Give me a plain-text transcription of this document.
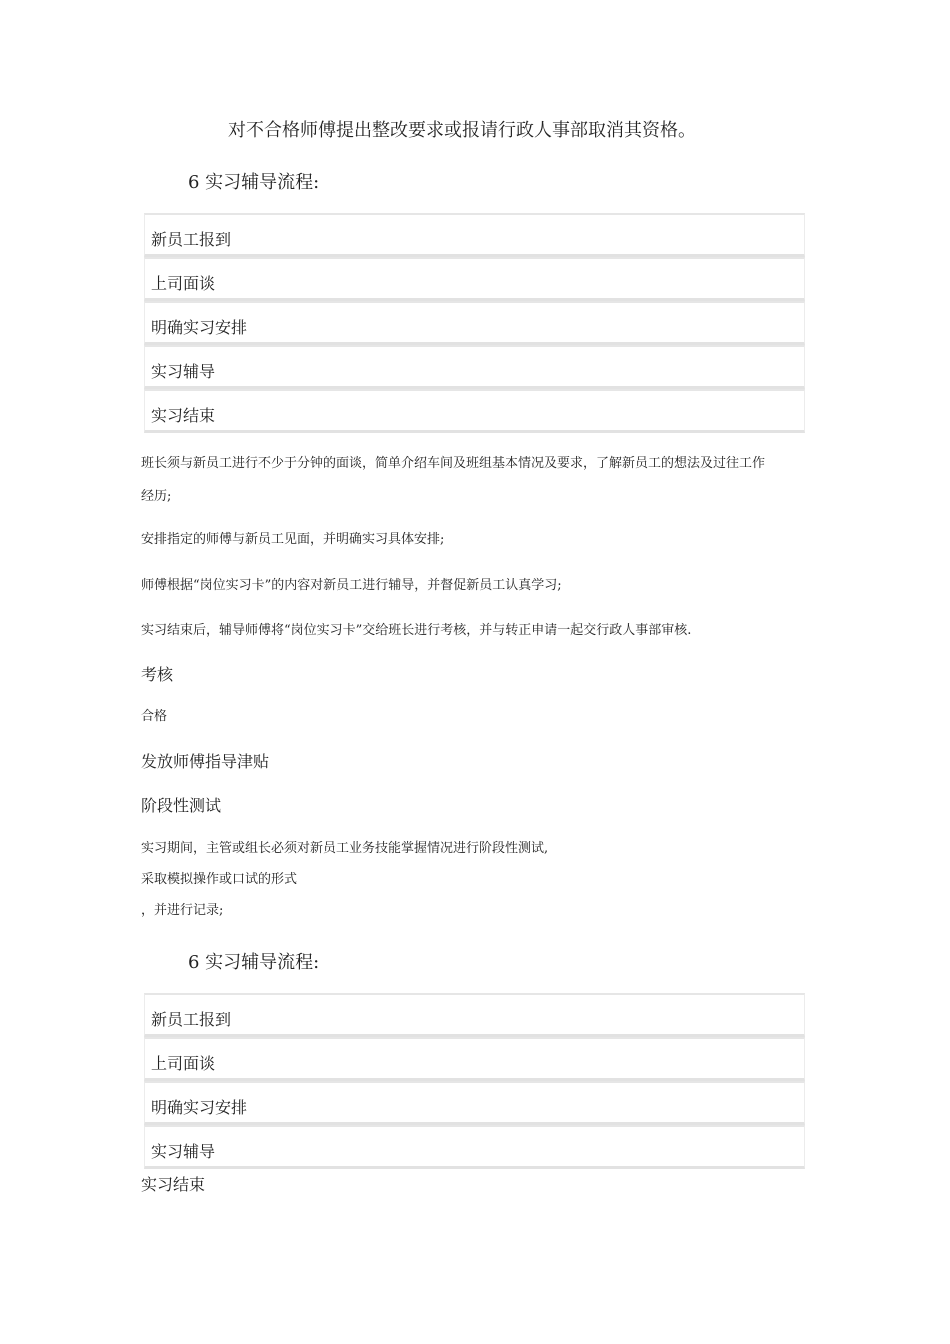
对不合格师傅提出整改要求或报请行政人事部取消其资格。
6 实习辅导流程:
新员工报到
上司面谈
明确实习安排
实习辅导
实习结束
班长须与新员工进行不少于分钟的面谈，简单介绍车间及班组基本情况及要求，了解新员工的想法及过往工作
经历;
安排指定的师傅与新员工见面，并明确实习具体安排;
师傅根据“岗位实习卡”的内容对新员工进行辅导，并督促新员工认真学习;
实习结束后，辅导师傅将“岗位实习卡”交给班长进行考核，并与转正申请一起交行政人事部审核.
考核
合格
发放师傅指导津贴
阶段性测试
实习期间，主管或组长必须对新员工业务技能掌握情况进行阶段性测试,
采取模拟操作或口试的形式
，并进行记录;
6 实习辅导流程:
新员工报到
上司面谈
明确实习安排
实习辅导
实习结束
